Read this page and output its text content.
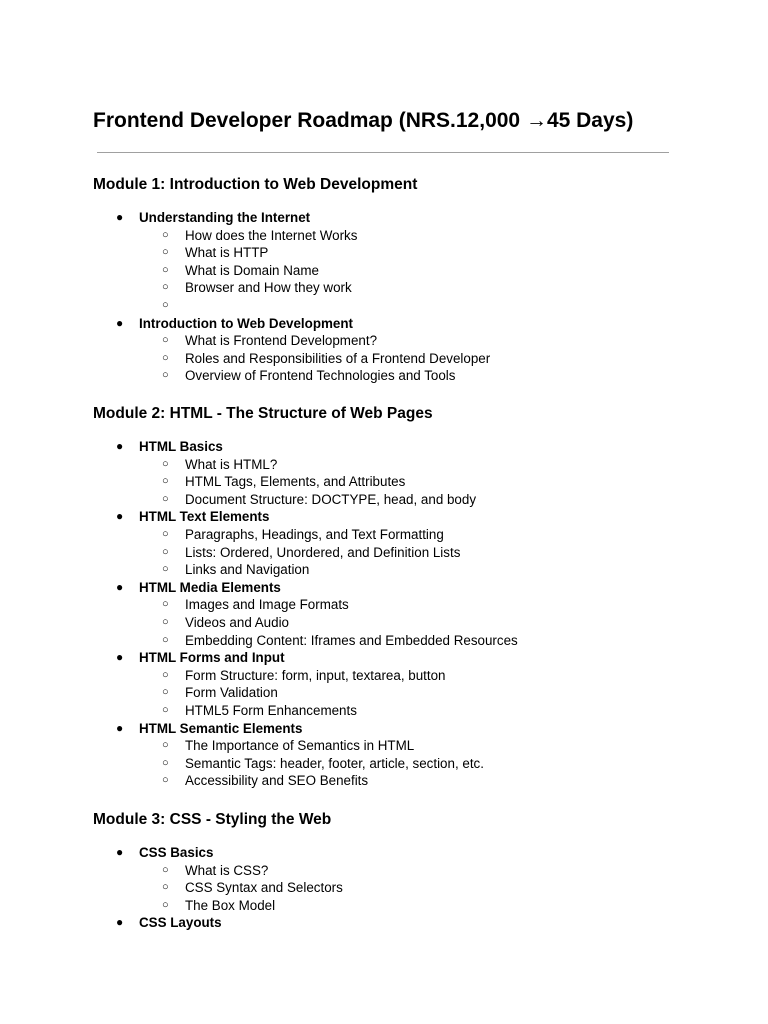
Frontend Developer Roadmap (NRS.12,000 →45 Days)
Module 1: Introduction to Web Development
● Understanding the Internet
○ How does the Internet Works
○ What is HTTP
○ What is Domain Name
○ Browser and How they work
○
● Introduction to Web Development
○ What is Frontend Development?
○ Roles and Responsibilities of a Frontend Developer
○ Overview of Frontend Technologies and Tools
Module 2: HTML - The Structure of Web Pages
● HTML Basics
○ What is HTML?
○ HTML Tags, Elements, and Attributes
○ Document Structure: DOCTYPE, head, and body
● HTML Text Elements
○ Paragraphs, Headings, and Text Formatting
○ Lists: Ordered, Unordered, and Definition Lists
○ Links and Navigation
● HTML Media Elements
○ Images and Image Formats
○ Videos and Audio
○ Embedding Content: Iframes and Embedded Resources
● HTML Forms and Input
○ Form Structure: form, input, textarea, button
○ Form Validation
○ HTML5 Form Enhancements
● HTML Semantic Elements
○ The Importance of Semantics in HTML
○ Semantic Tags: header, footer, article, section, etc.
○ Accessibility and SEO Benefits
Module 3: CSS - Styling the Web
● CSS Basics
○ What is CSS?
○ CSS Syntax and Selectors
○ The Box Model
● CSS Layouts
